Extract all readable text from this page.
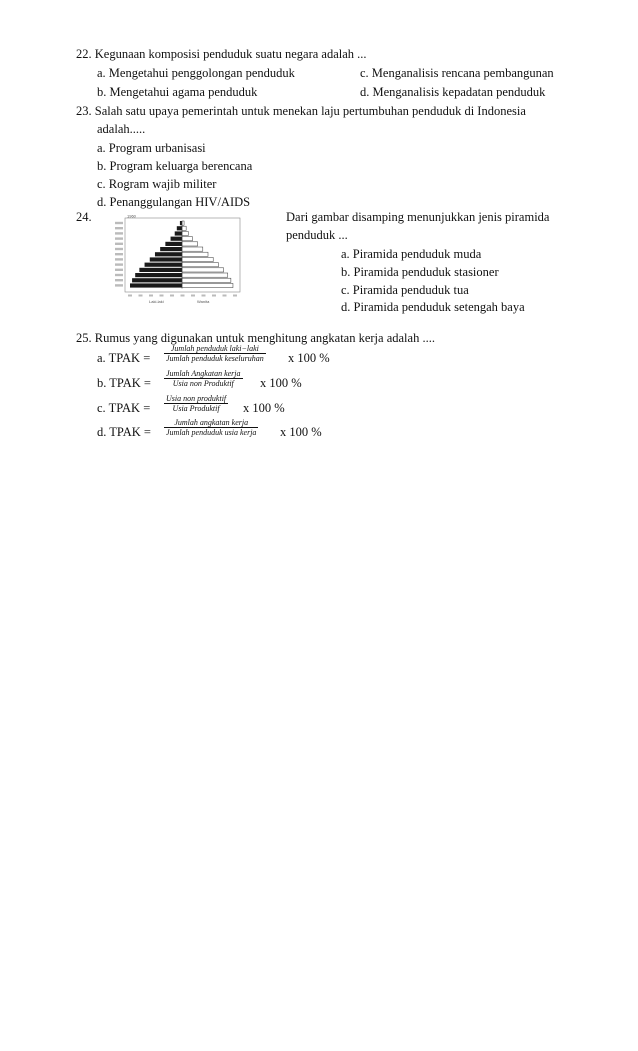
22. Kegunaan komposisi penduduk suatu negara adalah ...
a. Mengetahui penggolongan penduduk	c. Menganalisis rencana pembangunan
b. Mengetahui agama penduduk	d. Menganalisis kepadatan penduduk
23. Salah satu upaya pemerintah untuk menekan laju pertumbuhan penduduk di Indonesia
adalah.....
a. Program urbanisasi
b. Program keluarga berencana
c. Rogram wajib militer
d. Penanggulangan HIV/AIDS
24.	1960
Laki-laki	Wanita
Dari gambar disamping menunjukkan jenis piramida
penduduk ...
a. Piramida penduduk muda
b. Piramida penduduk stasioner
c. Piramida penduduk tua
d. Piramida penduduk setengah baya
25. Rumus yang digunakan untuk menghitung angkatan kerja adalah ....
a. TPAK =
Jumlah penduduk laki−laki
Jumlah penduduk keseluruhan x 100 %
b. TPAK =
Jumlah Angkatan kerja
Usia non Produktif	x 100 %
c. TPAK =
Usia non produktif
Usia Produktif	x 100 %
d. TPAK =
Jumlah angkatan kerja
Jumlah penduduk usia kerja x 100 %
